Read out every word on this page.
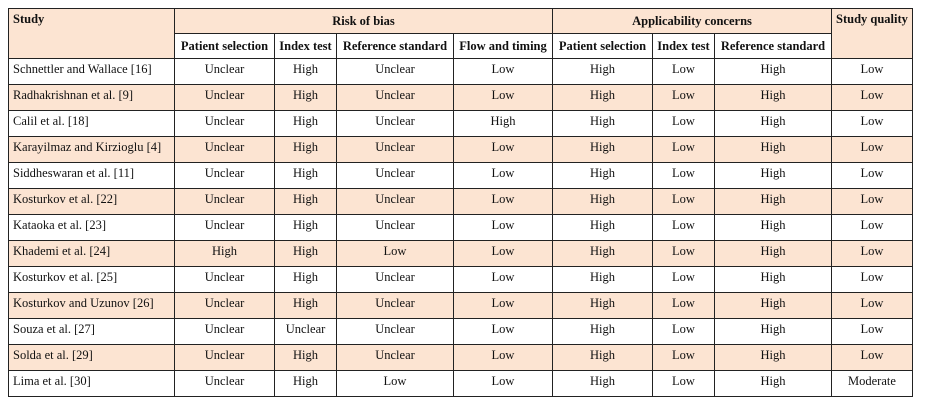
Study	Risk of bias				Applicability concerns			Study quality
	Patient selection	Index test	Reference standard	Flow and timing	Patient selection	Index test	Reference standard	
Schnettler and Wallace [16]	Unclear	High	Unclear	Low	High	Low	High	Low
Radhakrishnan et al. [9]	Unclear	High	Unclear	Low	High	Low	High	Low
Calil et al. [18]	Unclear	High	Unclear	High	High	Low	High	Low
Karayilmaz and Kirzioglu [4]	Unclear	High	Unclear	Low	High	Low	High	Low
Siddheswaran et al. [11]	Unclear	High	Unclear	Low	High	Low	High	Low
Kosturkov et al. [22]	Unclear	High	Unclear	Low	High	Low	High	Low
Kataoka et al. [23]	Unclear	High	Unclear	Low	High	Low	High	Low
Khademi et al. [24]	High	High	Low	Low	High	Low	High	Low
Kosturkov et al. [25]	Unclear	High	Unclear	Low	High	Low	High	Low
Kosturkov and Uzunov [26]	Unclear	High	Unclear	Low	High	Low	High	Low
Souza et al. [27]	Unclear	Unclear	Unclear	Low	High	Low	High	Low
Solda et al. [29]	Unclear	High	Unclear	Low	High	Low	High	Low
Lima et al. [30]	Unclear	High	Low	Low	High	Low	High	Moderate
